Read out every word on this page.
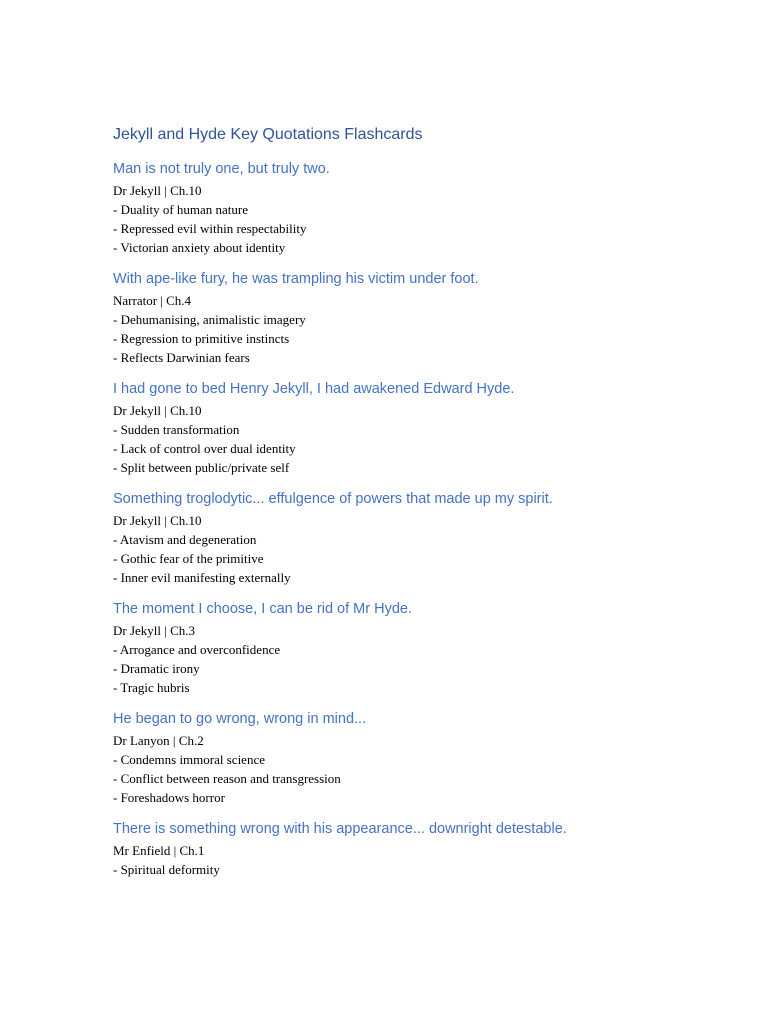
Jekyll and Hyde Key Quotations Flashcards
Man is not truly one, but truly two.

Dr Jekyll | Ch.10

- Duality of human nature

- Repressed evil within respectability

- Victorian anxiety about identity

With ape-like fury, he was trampling his victim under foot.

Narrator | Ch.4

- Dehumanising, animalistic imagery

- Regression to primitive instincts

- Reflects Darwinian fears

I had gone to bed Henry Jekyll, I had awakened Edward Hyde.

Dr Jekyll | Ch.10

- Sudden transformation

- Lack of control over dual identity

- Split between public/private self

Something troglodytic... effulgence of powers that made up my spirit.

Dr Jekyll | Ch.10

- Atavism and degeneration

- Gothic fear of the primitive

- Inner evil manifesting externally

The moment I choose, I can be rid of Mr Hyde.

Dr Jekyll | Ch.3

- Arrogance and overconfidence

- Dramatic irony

- Tragic hubris

He began to go wrong, wrong in mind...

Dr Lanyon | Ch.2

- Condemns immoral science

- Conflict between reason and transgression

- Foreshadows horror

There is something wrong with his appearance... downright detestable.

Mr Enfield | Ch.1

- Spiritual deformity
